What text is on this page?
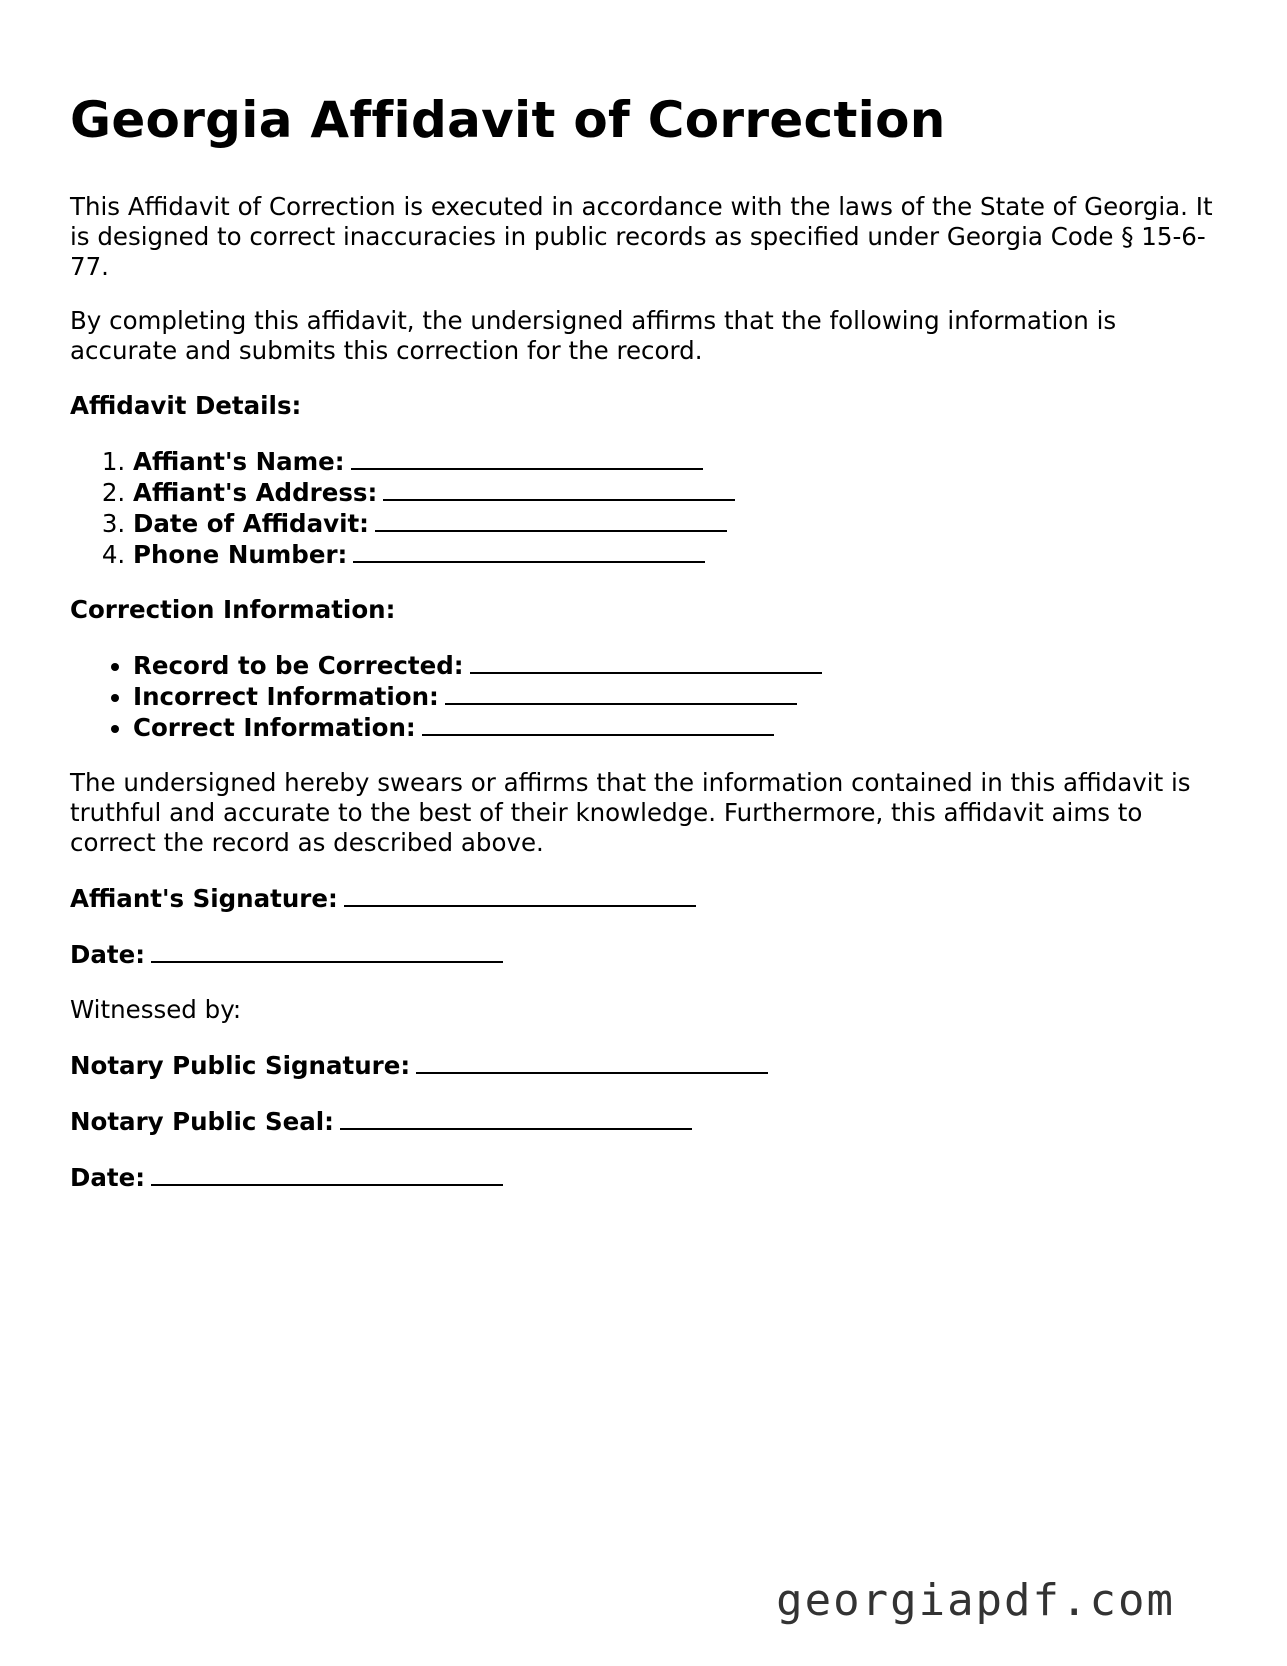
Georgia Affidavit of Correction

This Affidavit of Correction is executed in accordance with the laws of the State of Georgia. It is designed to correct inaccuracies in public records as specified under Georgia Code § 15-6-77.

By completing this affidavit, the undersigned affirms that the following information is accurate and submits this correction for the record.

Affidavit Details:

1. Affiant's Name:
2. Affiant's Address:
3. Date of Affidavit:
4. Phone Number:

Correction Information:

• Record to be Corrected:
• Incorrect Information:
• Correct Information:

The undersigned hereby swears or affirms that the information contained in this affidavit is truthful and accurate to the best of their knowledge. Furthermore, this affidavit aims to correct the record as described above.

Affiant's Signature:

Date:

Witnessed by:

Notary Public Signature:

Notary Public Seal:

Date:

georgiapdf.com
